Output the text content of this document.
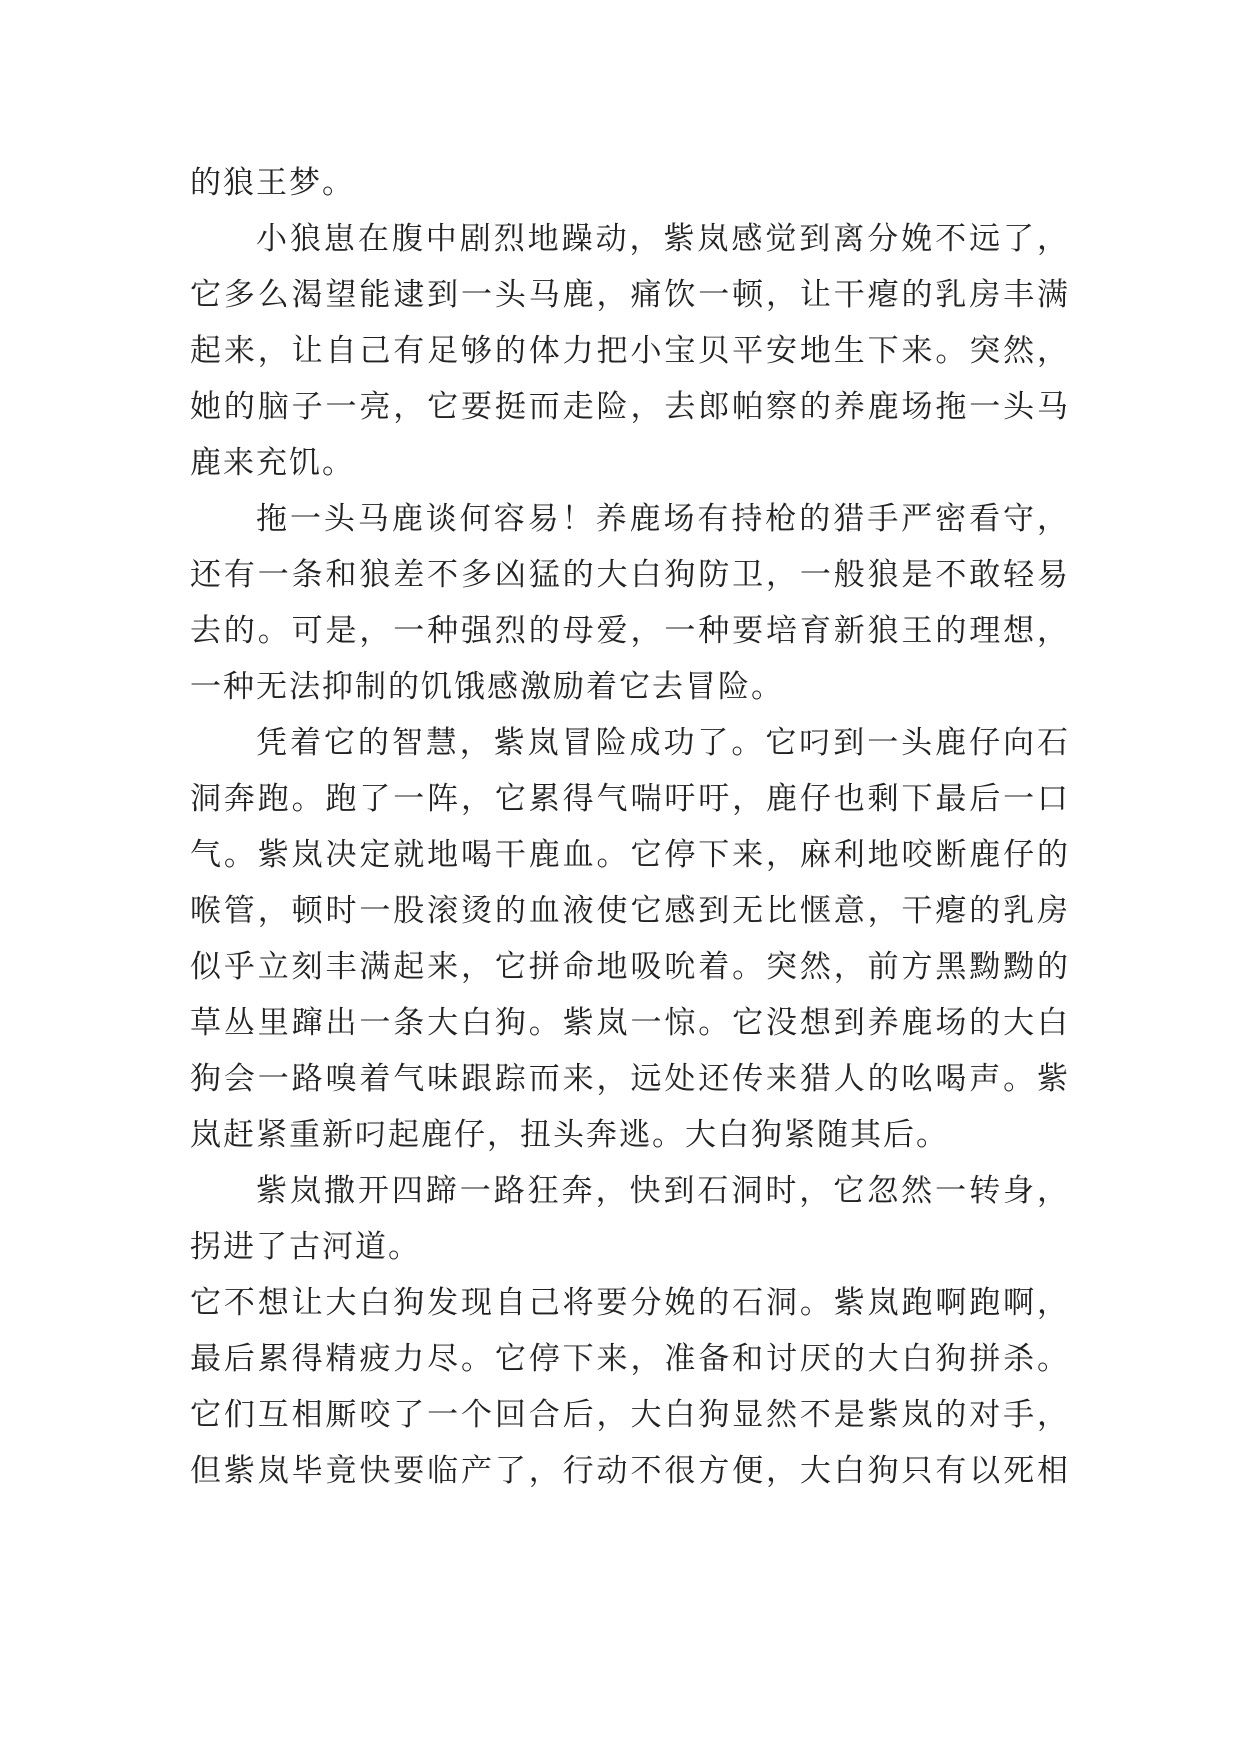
的狼王梦。
小狼崽在腹中剧烈地躁动，紫岚感觉到离分娩不远了，
它多么渴望能逮到一头马鹿，痛饮一顿，让干瘪的乳房丰满
起来，让自己有足够的体力把小宝贝平安地生下来。突然，
她的脑子一亮，它要挺而走险，去郎帕察的养鹿场拖一头马
鹿来充饥。
拖一头马鹿谈何容易！养鹿场有持枪的猎手严密看守，
还有一条和狼差不多凶猛的大白狗防卫，一般狼是不敢轻易
去的。可是，一种强烈的母爱，一种要培育新狼王的理想，
一种无法抑制的饥饿感激励着它去冒险。
凭着它的智慧，紫岚冒险成功了。它叼到一头鹿仔向石
洞奔跑。跑了一阵，它累得气喘吁吁，鹿仔也剩下最后一口
气。紫岚决定就地喝干鹿血。它停下来，麻利地咬断鹿仔的
喉管，顿时一股滚烫的血液使它感到无比惬意，干瘪的乳房
似乎立刻丰满起来，它拼命地吸吮着。突然，前方黑黝黝的
草丛里蹿出一条大白狗。紫岚一惊。它没想到养鹿场的大白
狗会一路嗅着气味跟踪而来，远处还传来猎人的吆喝声。紫
岚赶紧重新叼起鹿仔，扭头奔逃。大白狗紧随其后。
紫岚撒开四蹄一路狂奔，快到石洞时，它忽然一转身，
拐进了古河道。
它不想让大白狗发现自己将要分娩的石洞。紫岚跑啊跑啊，
最后累得精疲力尽。它停下来，准备和讨厌的大白狗拼杀。
它们互相厮咬了一个回合后，大白狗显然不是紫岚的对手，
但紫岚毕竟快要临产了，行动不很方便，大白狗只有以死相
